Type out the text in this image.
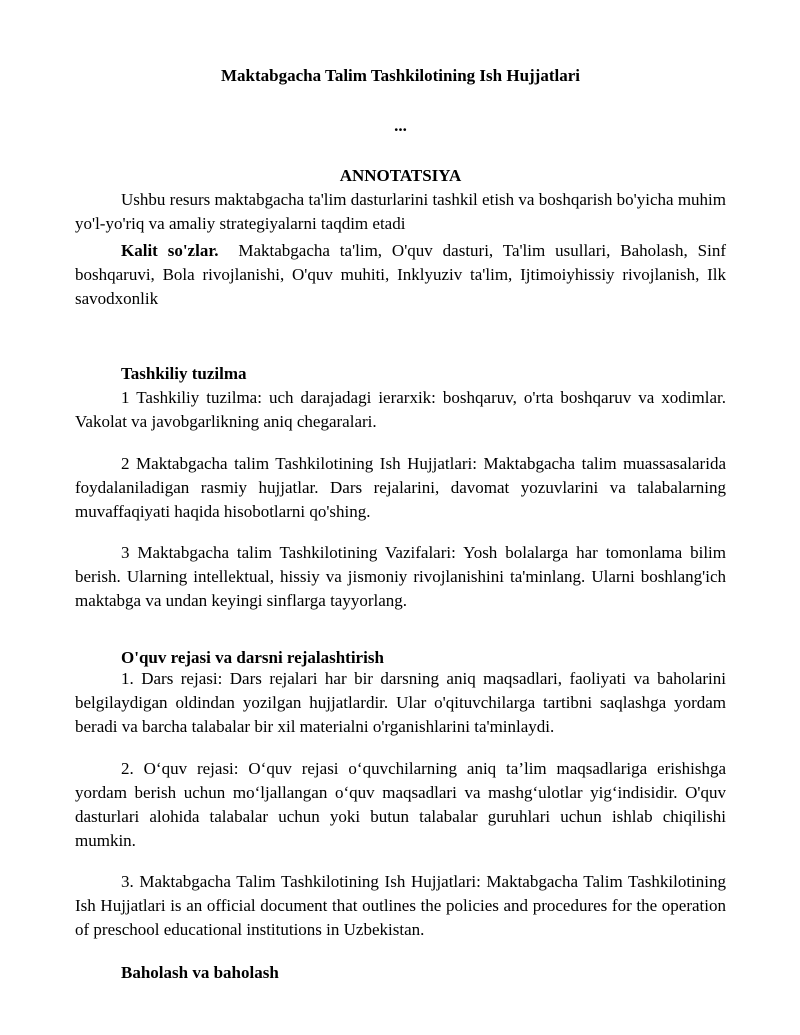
Maktabgacha Talim Tashkilotining Ish Hujjatlari
...
ANNOTATSIYA

Ushbu resurs maktabgacha ta'lim dasturlarini tashkil etish va boshqarish bo'yicha muhim yo'l-yo'riq va amaliy strategiyalarni taqdim etadi

Kalit so'zlar. Maktabgacha ta'lim, O'quv dasturi, Ta'lim usullari, Baholash, Sinf boshqaruvi, Bola rivojlanishi, O'quv muhiti, Inklyuziv ta'lim, Ijtimoiyhissiy rivojlanish, Ilk savodxonlik

Tashkiliy tuzilma

1 Tashkiliy tuzilma: uch darajadagi ierarxik: boshqaruv, o'rta boshqaruv va xodimlar. Vakolat va javobgarlikning aniq chegaralari.

2 Maktabgacha talim Tashkilotining Ish Hujjatlari: Maktabgacha talim muassasalarida foydalaniladigan rasmiy hujjatlar. Dars rejalarini, davomat yozuvlarini va talabalarning muvaffaqiyati haqida hisobotlarni qo'shing.

3 Maktabgacha talim Tashkilotining Vazifalari: Yosh bolalarga har tomonlama bilim berish. Ularning intellektual, hissiy va jismoniy rivojlanishini ta'minlang. Ularni boshlang'ich maktabga va undan keyingi sinflarga tayyorlang.

O'quv rejasi va darsni rejalashtirish

1. Dars rejasi: Dars rejalari har bir darsning aniq maqsadlari, faoliyati va baholarini belgilaydigan oldindan yozilgan hujjatlardir. Ular o'qituvchilarga tartibni saqlashga yordam beradi va barcha talabalar bir xil materialni o'rganishlarini ta'minlaydi.

2. O‘quv rejasi: O‘quv rejasi o‘quvchilarning aniq ta’lim maqsadlariga erishishga yordam berish uchun mo‘ljallangan o‘quv maqsadlari va mashg‘ulotlar yig‘indisidir. O'quv dasturlari alohida talabalar uchun yoki butun talabalar guruhlari uchun ishlab chiqilishi mumkin.

3. Maktabgacha Talim Tashkilotining Ish Hujjatlari: Maktabgacha Talim Tashkilotining Ish Hujjatlari is an official document that outlines the policies and procedures for the operation of preschool educational institutions in Uzbekistan.

Baholash va baholash
